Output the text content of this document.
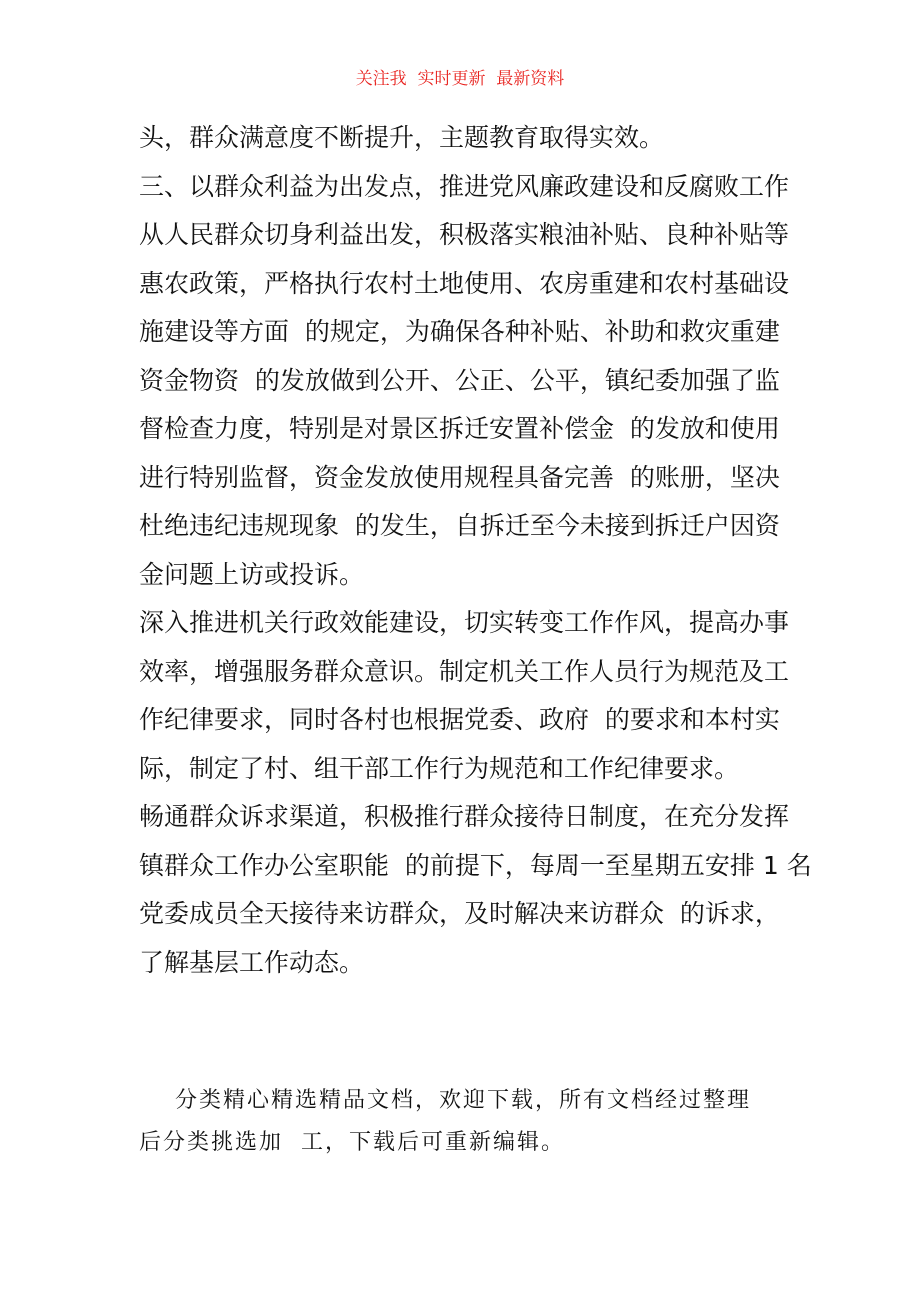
关注我  实时更新  最新资料
头，群众满意度不断提升，主题教育取得实效。
三、以群众利益为出发点，推进党风廉政建设和反腐败工作
从人民群众切身利益出发，积极落实粮油补贴、良种补贴等
惠农政策，严格执行农村土地使用、农房重建和农村基础设
施建设等方面  的规定，为确保各种补贴、补助和救灾重建
资金物资  的发放做到公开、公正、公平，镇纪委加强了监
督检查力度，特别是对景区拆迁安置补偿金  的发放和使用
进行特别监督，资金发放使用规程具备完善  的账册，坚决
杜绝违纪违规现象  的发生，自拆迁至今未接到拆迁户因资
金问题上访或投诉。
深入推进机关行政效能建设，切实转变工作作风，提高办事
效率，增强服务群众意识。制定机关工作人员行为规范及工
作纪律要求，同时各村也根据党委、政府  的要求和本村实
际，制定了村、组干部工作行为规范和工作纪律要求。
畅通群众诉求渠道，积极推行群众接待日制度，在充分发挥
镇群众工作办公室职能  的前提下，每周一至星期五安排 1 名
党委成员全天接待来访群众，及时解决来访群众  的诉求，
了解基层工作动态。
分类精心精选精品文档，欢迎下载，所有文档经过整理
后分类挑选加  工，下载后可重新编辑。
